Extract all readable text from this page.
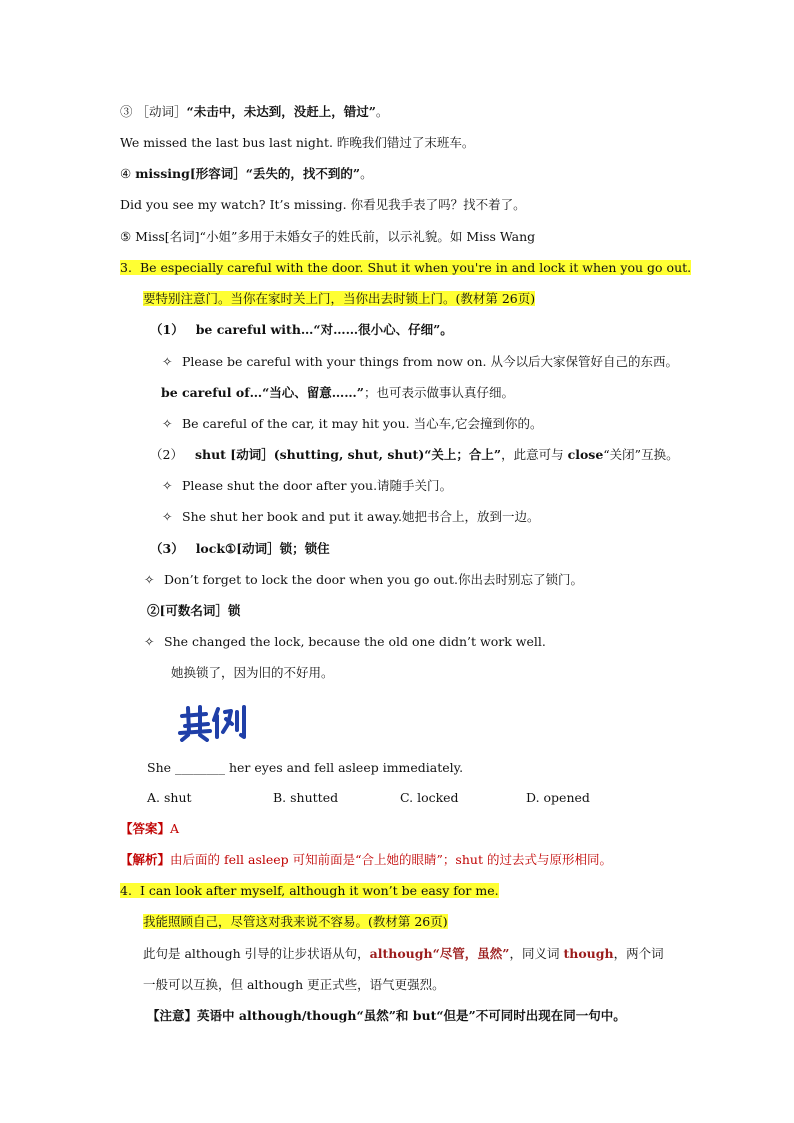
③ ［动词］“未击中，未达到，没赶上，错过”。
We missed the last bus last night. 昨晚我们错过了末班车。
④ missing[形容词］“丢失的，找不到的”。
Did you see my watch? It’s missing. 你看见我手表了吗？找不着了。
⑤ Miss[名词]“小姐”多用于未婚女子的姓氏前，以示礼貌。如 Miss Wang
3. Be especially careful with the door. Shut it when you're in and lock it when you go out.
要特别注意门。当你在家时关上门，当你出去时锁上门。(教材第 26页)
（1） be careful with…“对……很小心、仔细”。
✧ Please be careful with your things from now on. 从今以后大家保管好自己的东西。
be careful of…“当心、留意……”；也可表示做事认真仔细。
✧ Be careful of the car, it may hit you. 当心车,它会撞到你的。
（2） shut [动词］(shutting, shut, shut)“关上；合上”，此意可与 close“关闭”互换。
✧ Please shut the door after you.请随手关门。
✧ She shut her book and put it away.她把书合上，放到一边。
（3） lock①[动词］锁；锁住
✧ Don’t forget to lock the door when you go out.你出去时别忘了锁门。
②[可数名词］锁
✧ She changed the lock, because the old one didn’t work well.
她换锁了，因为旧的不好用。
She ________ her eyes and fell asleep immediately.
A. shut	B. shutted	C. locked	D. opened
【答案】A
【解析】由后面的 fell asleep 可知前面是“合上她的眼睛”；shut 的过去式与原形相同。
4. I can look after myself, although it won’t be easy for me.
我能照顾自己，尽管这对我来说不容易。(教材第 26页)
此句是 although 引导的让步状语从句，although“尽管，虽然”，同义词 though，两个词
一般可以互换，但 although 更正式些，语气更强烈。
【注意】英语中 although/though“虽然”和 but“但是”不可同时出现在同一句中。
